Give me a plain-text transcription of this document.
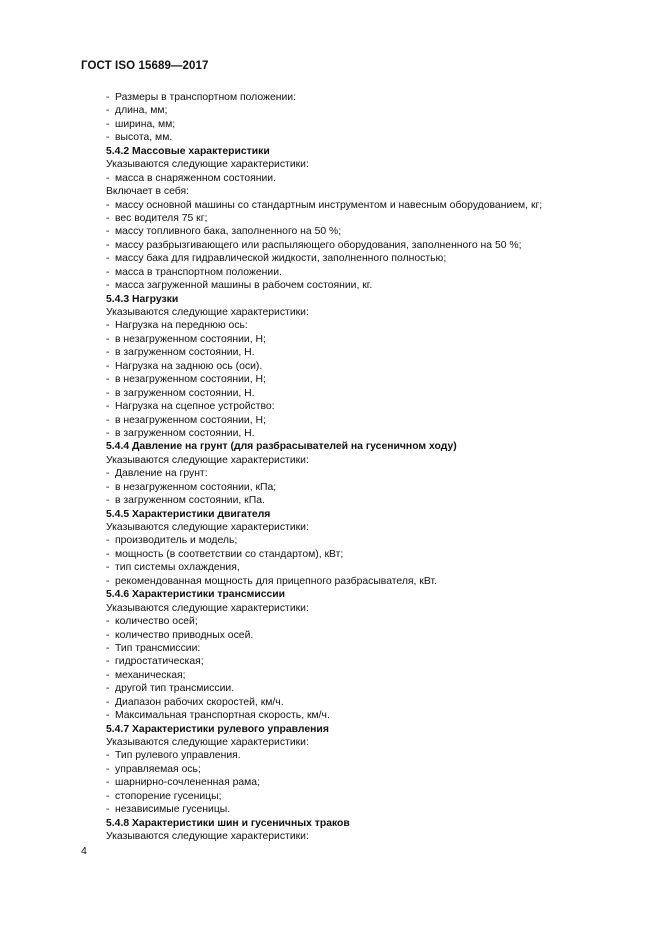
ГОСТ ISO 15689—2017
- Размеры в транспортном положении:
- длина, мм;
- ширина, мм;
- высота, мм.
5.4.2 Массовые характеристики
Указываются следующие характеристики:
- масса в снаряженном состоянии.
Включает в себя:
- массу основной машины со стандартным инструментом и навесным оборудованием, кг;
- вес водителя 75 кг;
- массу топливного бака, заполненного на 50 %;
- массу разбрызгивающего или распыляющего оборудования, заполненного на 50 %;
- массу бака для гидравлической жидкости, заполненного полностью;
- масса в транспортном положении.
- масса загруженной машины в рабочем состоянии, кг.
5.4.3 Нагрузки
Указываются следующие характеристики:
- Нагрузка на переднюю ось:
- в незагруженном состоянии, Н;
- в загруженном состоянии, Н.
- Нагрузка на заднюю ось (оси).
- в незагруженном состоянии, Н;
- в загруженном состоянии, Н.
- Нагрузка на сцепное устройство:
- в незагруженном состоянии, Н;
- в загруженном состоянии, Н.
5.4.4 Давление на грунт (для разбрасывателей на гусеничном ходу)
Указываются следующие характеристики:
- Давление на грунт:
- в незагруженном состоянии, кПа;
- в загруженном состоянии, кПа.
5.4.5 Характеристики двигателя
Указываются следующие характеристики:
- производитель и модель;
- мощность (в соответствии со стандартом), кВт;
- тип системы охлаждения,
- рекомендованная мощность для прицепного разбрасывателя, кВт.
5.4.6 Характеристики трансмиссии
Указываются следующие характеристики:
- количество осей;
- количество приводных осей.
- Тип трансмиссии:
- гидростатическая;
- механическая;
- другой тип трансмиссии.
- Диапазон рабочих скоростей, км/ч.
- Максимальная транспортная скорость, км/ч.
5.4.7 Характеристики рулевого управления
Указываются следующие характеристики:
- Тип рулевого управления.
- управляемая ось;
- шарнирно-сочлененная рама;
- стопорение гусеницы;
- независимые гусеницы.
5.4.8 Характеристики шин и гусеничных траков
Указываются следующие характеристики:
4
